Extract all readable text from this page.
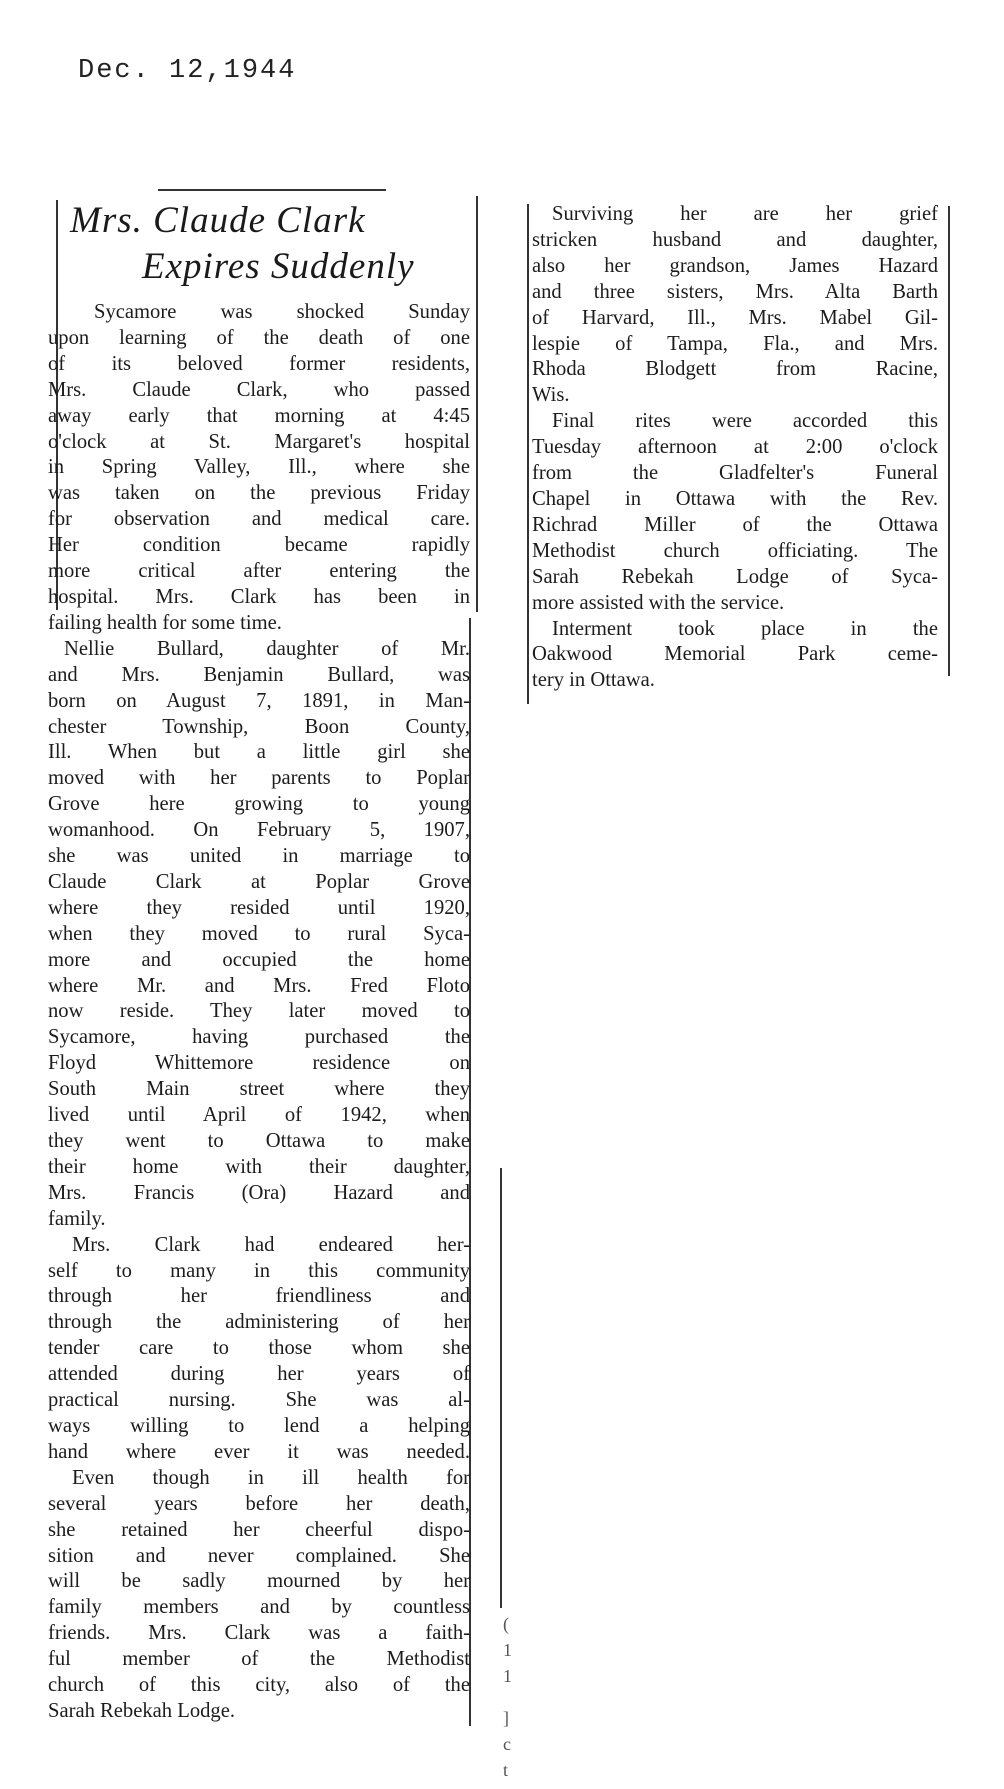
Dec. 12,1944
Mrs. Claude Clark
Expires Suddenly
Sycamore was shocked Sunday
upon learning of the death of one
of its beloved former residents,
Mrs. Claude Clark, who passed
away early that morning at 4:45
o'clock at St. Margaret's hospital
in Spring Valley, Ill., where she
was taken on the previous Friday
for observation and medical care.
Her condition became rapidly
more critical after entering the
hospital. Mrs. Clark has been in
failing health for some time.
Nellie Bullard, daughter of Mr.
and Mrs. Benjamin Bullard, was
born on August 7, 1891, in Man-
chester Township, Boon County,
Ill. When but a little girl she
moved with her parents to Poplar
Grove here growing to young
womanhood. On February 5, 1907,
she was united in marriage to
Claude Clark at Poplar Grove
where they resided until 1920,
when they moved to rural Syca-
more and occupied the home
where Mr. and Mrs. Fred Floto
now reside. They later moved to
Sycamore, having purchased the
Floyd Whittemore residence on
South Main street where they
lived until April of 1942, when
they went to Ottawa to make
their home with their daughter,
Mrs. Francis (Ora) Hazard and
family.
Mrs. Clark had endeared her-
self to many in this community
through her friendliness and
through the administering of her
tender care to those whom she
attended during her years of
practical nursing. She was al-
ways willing to lend a helping
hand where ever it was needed.
Even though in ill health for
several years before her death,
she retained her cheerful dispo-
sition and never complained. She
will be sadly mourned by her
family members and by countless
friends. Mrs. Clark was a faith-
ful member of the Methodist
church of this city, also of the
Sarah Rebekah Lodge.
Surviving her are her grief
stricken husband and daughter,
also her grandson, James Hazard
and three sisters, Mrs. Alta Barth
of Harvard, Ill., Mrs. Mabel Gil-
lespie of Tampa, Fla., and Mrs.
Rhoda Blodgett from Racine,
Wis.
Final rites were accorded this
Tuesday afternoon at 2:00 o'clock
from the Gladfelter's Funeral
Chapel in Ottawa with the Rev.
Richrad Miller of the Ottawa
Methodist church officiating. The
Sarah Rebekah Lodge of Syca-
more assisted with the service.
Interment took place in the
Oakwood Memorial Park ceme-
tery in Ottawa.
(
1
1
]
c
t
